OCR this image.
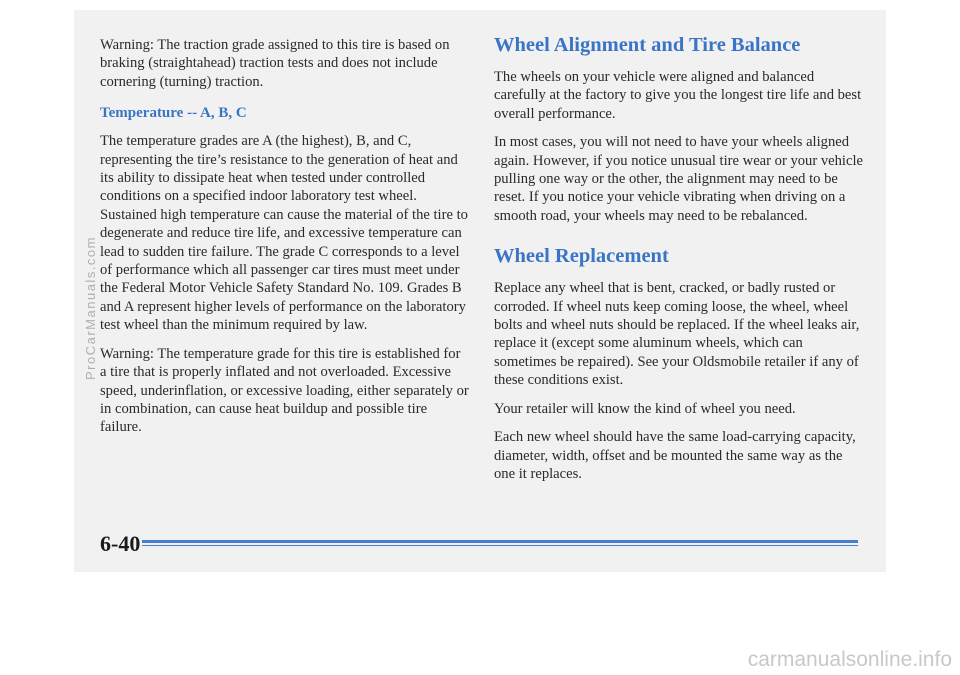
Warning: The traction grade assigned to this tire is based on braking (straightahead) traction tests and does not include cornering (turning) traction.

Temperature -- A, B, C

The temperature grades are A (the highest), B, and C, representing the tire’s resistance to the generation of heat and its ability to dissipate heat when tested under controlled conditions on a specified indoor laboratory test wheel. Sustained high temperature can cause the material of the tire to degenerate and reduce tire life, and excessive temperature can lead to sudden tire failure. The grade C corresponds to a level of performance which all passenger car tires must meet under the Federal Motor Vehicle Safety Standard No. 109. Grades B and A represent higher levels of performance on the laboratory test wheel than the minimum required by law.

Warning: The temperature grade for this tire is established for a tire that is properly inflated and not overloaded. Excessive speed, underinflation, or excessive loading, either separately or in combination, can cause heat buildup and possible tire failure.

Wheel Alignment and Tire Balance

The wheels on your vehicle were aligned and balanced carefully at the factory to give you the longest tire life and best overall performance.

In most cases, you will not need to have your wheels aligned again. However, if you notice unusual tire wear or your vehicle pulling one way or the other, the alignment may need to be reset. If you notice your vehicle vibrating when driving on a smooth road, your wheels may need to be rebalanced.

Wheel Replacement

Replace any wheel that is bent, cracked, or badly rusted or corroded. If wheel nuts keep coming loose, the wheel, wheel bolts and wheel nuts should be replaced. If the wheel leaks air, replace it (except some aluminum wheels, which can sometimes be repaired). See your Oldsmobile retailer if any of these conditions exist.

Your retailer will know the kind of wheel you need.

Each new wheel should have the same load-carrying capacity, diameter, width, offset and be mounted the same way as the one it replaces.

6-40
ProCarManuals.com
carmanualsonline.info
